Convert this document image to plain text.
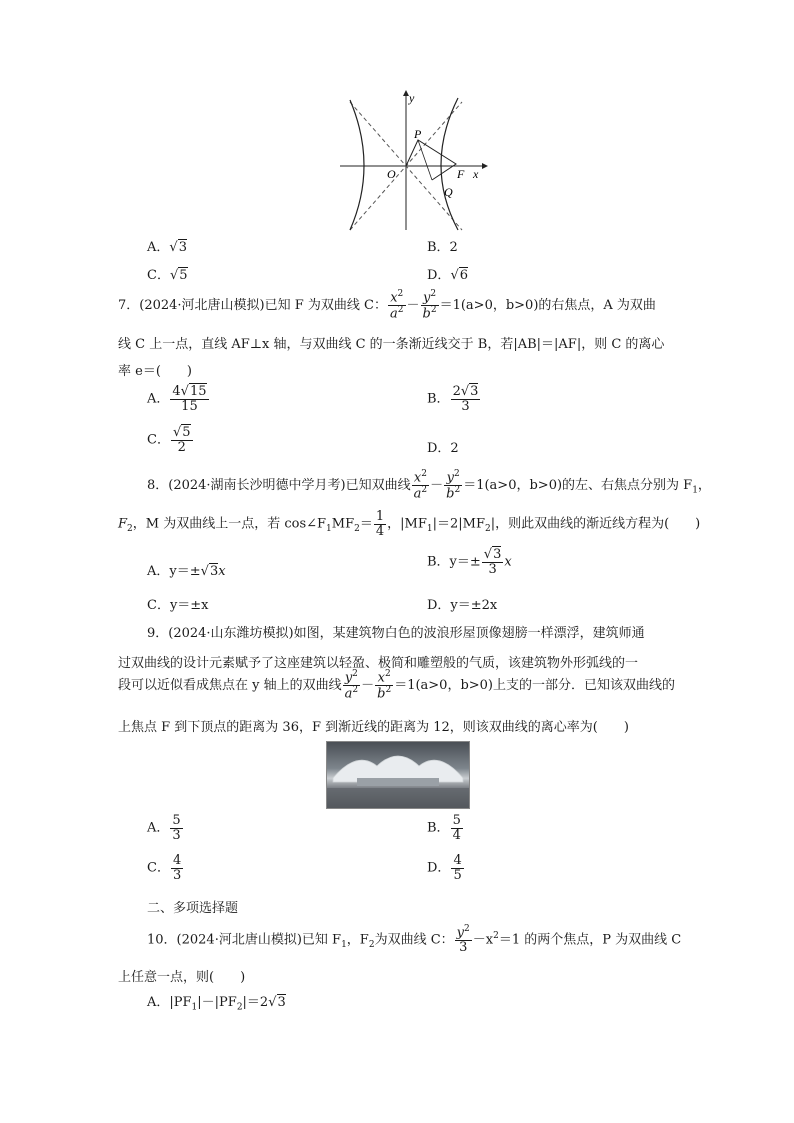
y
x
O
P
F
Q
A．√3	B．2
C．√5	D．√6
7．(2024·河北唐山模拟)已知 F 为双曲线 C： $\frac{x^2}{a^2} - \frac{y^2}{b^2} =1(a>0$，b>0)的右焦点，A 为双曲
线 C 上一点，直线 AF⊥x 轴，与双曲线 C 的一条渐近线交于 B，若|AB|＝|AF|，则 C 的离心
率 e＝(　　)
A． $\frac{4√15}{15}$	B． $\frac{2√3}{3}$
C． $\frac{√5}{2}$	D．2
8．(2024·湖南长沙明德中学月考)已知双曲线 $\frac{x^2}{a^2} - \frac{y^2}{b^2} =1(a>0$，b>0)的左、右焦点分别为 $F_1$，
$F_2$，M 为双曲线上一点，若 $\cos\angle F_1MF_2= \frac{1}{4}$ ，$|MF_1|=2|MF_2|$，则此双曲线的渐近线方程为(　　)
A．y＝±√3x
B．$y=\pm \frac{√3}{3}$ x
C．y＝±x	D．y＝±2x
9．(2024·山东潍坊模拟)如图，某建筑物白色的波浪形屋顶像翅膀一样漂浮，建筑师通
过双曲线的设计元素赋予了这座建筑以轻盈、极简和雕塑般的气质，该建筑物外形弧线的一
段可以近似看成焦点在 y 轴上的双曲线 $\frac{y^2}{a^2} - \frac{x^2}{b^2} =1(a>0$，b>0)上支的一部分．已知该双曲线的
上焦点 F 到下顶点的距离为 36，F 到渐近线的距离为 12，则该双曲线的离心率为(　　)
A． $\frac{5}{3}$	B． $\frac{5}{4}$
C． $\frac{4}{3}$	D． $\frac{4}{5}$
二、多项选择题
10．(2024·河北唐山模拟)已知 $F_1$，$F_2$为双曲线 C： $\frac{y^2}{3} -x^2=1$ 的两个焦点，P 为双曲线 C
上任意一点，则(　　)
A．$|PF_1|-|PF_2|=2√3$
